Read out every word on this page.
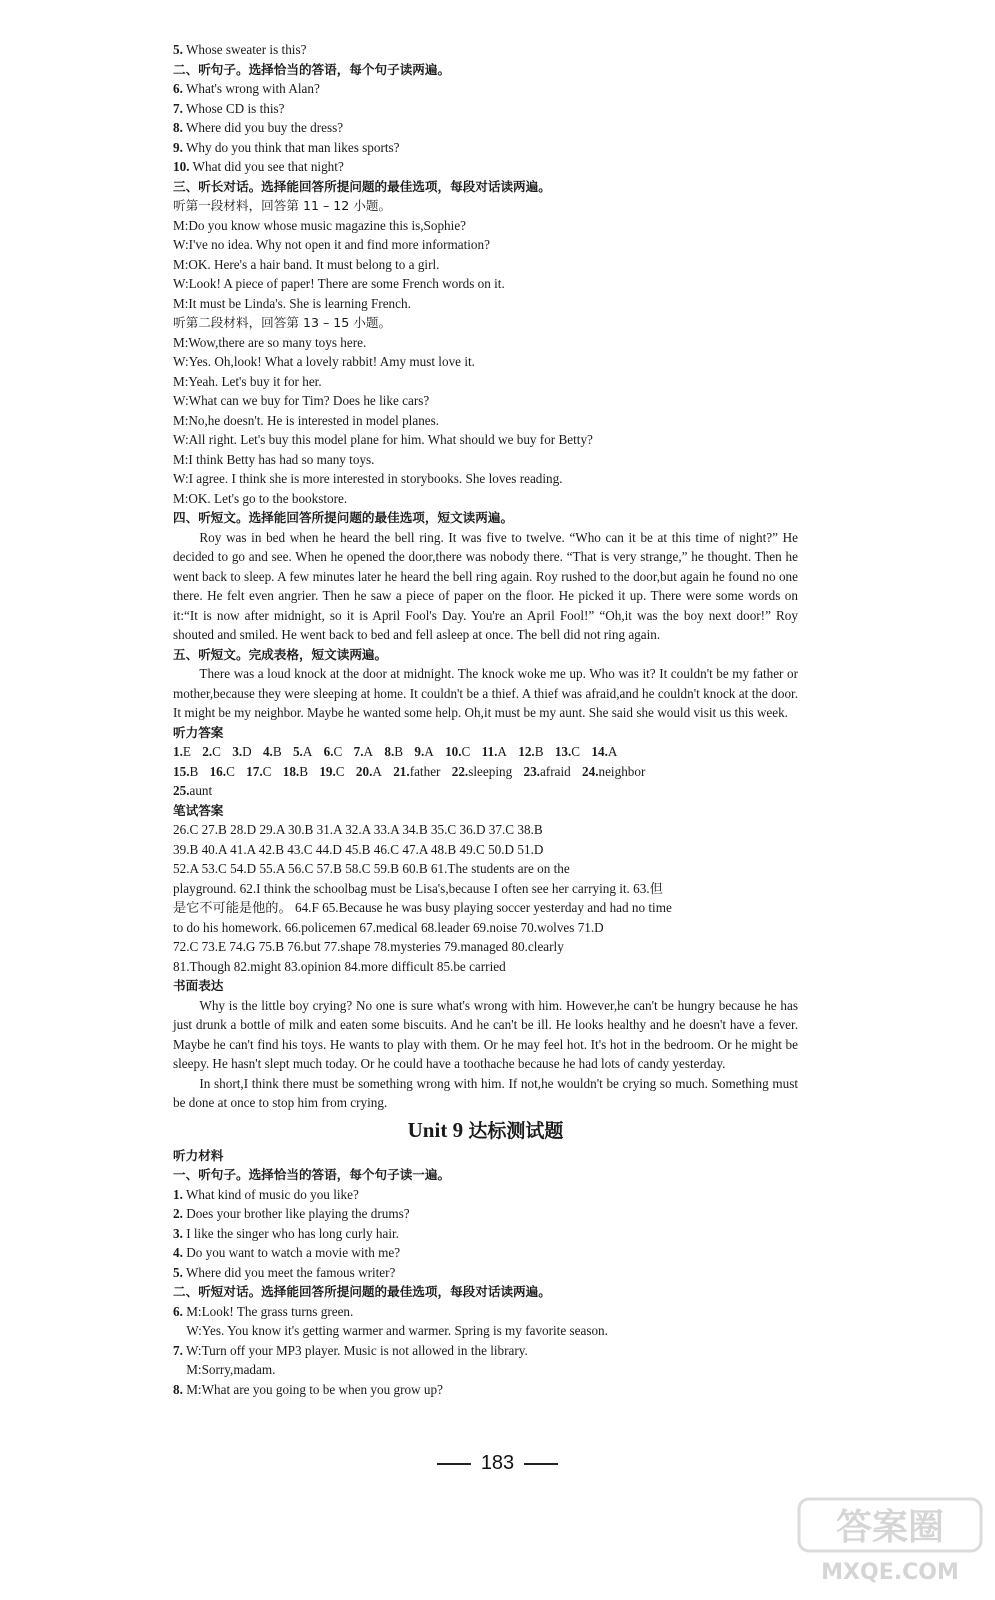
5. Whose sweater is this?
二、听句子。选择恰当的答语，每个句子读两遍。
6. What's wrong with Alan?
7. Whose CD is this?
8. Where did you buy the dress?
9. Why do you think that man likes sports?
10. What did you see that night?
三、听长对话。选择能回答所提问题的最佳选项，每段对话读两遍。
听第一段材料，回答第 11 – 12 小题。
M:Do you know whose music magazine this is,Sophie?
W:I've no idea. Why not open it and find more information?
M:OK. Here's a hair band. It must belong to a girl.
W:Look! A piece of paper! There are some French words on it.
M:It must be Linda's. She is learning French.
听第二段材料，回答第 13 – 15 小题。
M:Wow,there are so many toys here.
W:Yes. Oh,look! What a lovely rabbit! Amy must love it.
M:Yeah. Let's buy it for her.
W:What can we buy for Tim? Does he like cars?
M:No,he doesn't. He is interested in model planes.
W:All right. Let's buy this model plane for him. What should we buy for Betty?
M:I think Betty has had so many toys.
W:I agree. I think she is more interested in storybooks. She loves reading.
M:OK. Let's go to the bookstore.
四、听短文。选择能回答所提问题的最佳选项，短文读两遍。
Roy was in bed when he heard the bell ring. It was five to twelve. “Who can it be at this time of night?” He decided to go and see. When he opened the door,there was nobody there. “That is very strange,” he thought. Then he went back to sleep. A few minutes later he heard the bell ring again. Roy rushed to the door,but again he found no one there. He felt even angrier. Then he saw a piece of paper on the floor. He picked it up. There were some words on it:“It is now after midnight, so it is April Fool's Day. You're an April Fool!” “Oh,it was the boy next door!” Roy shouted and smiled. He went back to bed and fell asleep at once. The bell did not ring again.
五、听短文。完成表格，短文读两遍。
There was a loud knock at the door at midnight. The knock woke me up. Who was it? It couldn't be my father or mother,because they were sleeping at home. It couldn't be a thief. A thief was afraid,and he couldn't knock at the door. It might be my neighbor. Maybe he wanted some help. Oh,it must be my aunt. She said she would visit us this week.
听力答案
1.E 2.C 3.D 4.B 5.A 6.C 7.A 8.B 9.A 10.C 11.A 12.B 13.C 14.A
15.B 16.C 17.C 18.B 19.C 20.A 21.father 22.sleeping 23.afraid 24.neighbor
25.aunt
笔试答案
26.C 27.B 28.D 29.A 30.B 31.A 32.A 33.A 34.B 35.C 36.D 37.C 38.B
39.B 40.A 41.A 42.B 43.C 44.D 45.B 46.C 47.A 48.B 49.C 50.D 51.D
52.A 53.C 54.D 55.A 56.C 57.B 58.C 59.B 60.B 61.The students are on the
playground. 62.I think the schoolbag must be Lisa's,because I often see her carrying it. 63.但
是它不可能是他的。 64.F 65.Because he was busy playing soccer yesterday and had no time
to do his homework. 66.policemen 67.medical 68.leader 69.noise 70.wolves 71.D
72.C 73.E 74.G 75.B 76.but 77.shape 78.mysteries 79.managed 80.clearly
81.Though 82.might 83.opinion 84.more difficult 85.be carried
书面表达
Why is the little boy crying? No one is sure what's wrong with him. However,he can't be hungry because he has just drunk a bottle of milk and eaten some biscuits. And he can't be ill. He looks healthy and he doesn't have a fever. Maybe he can't find his toys. He wants to play with them. Or he may feel hot. It's hot in the bedroom. Or he might be sleepy. He hasn't slept much today. Or he could have a toothache because he had lots of candy yesterday.
In short,I think there must be something wrong with him. If not,he wouldn't be crying so much. Something must be done at once to stop him from crying.
Unit 9 达标测试题
听力材料
一、听句子。选择恰当的答语，每个句子读一遍。
1. What kind of music do you like?
2. Does your brother like playing the drums?
3. I like the singer who has long curly hair.
4. Do you want to watch a movie with me?
5. Where did you meet the famous writer?
二、听短对话。选择能回答所提问题的最佳选项，每段对话读两遍。
6. M:Look! The grass turns green.
W:Yes. You know it's getting warmer and warmer. Spring is my favorite season.
7. W:Turn off your MP3 player. Music is not allowed in the library.
M:Sorry,madam.
8. M:What are you going to be when you grow up?
183
答案圈
MXQE.COM
